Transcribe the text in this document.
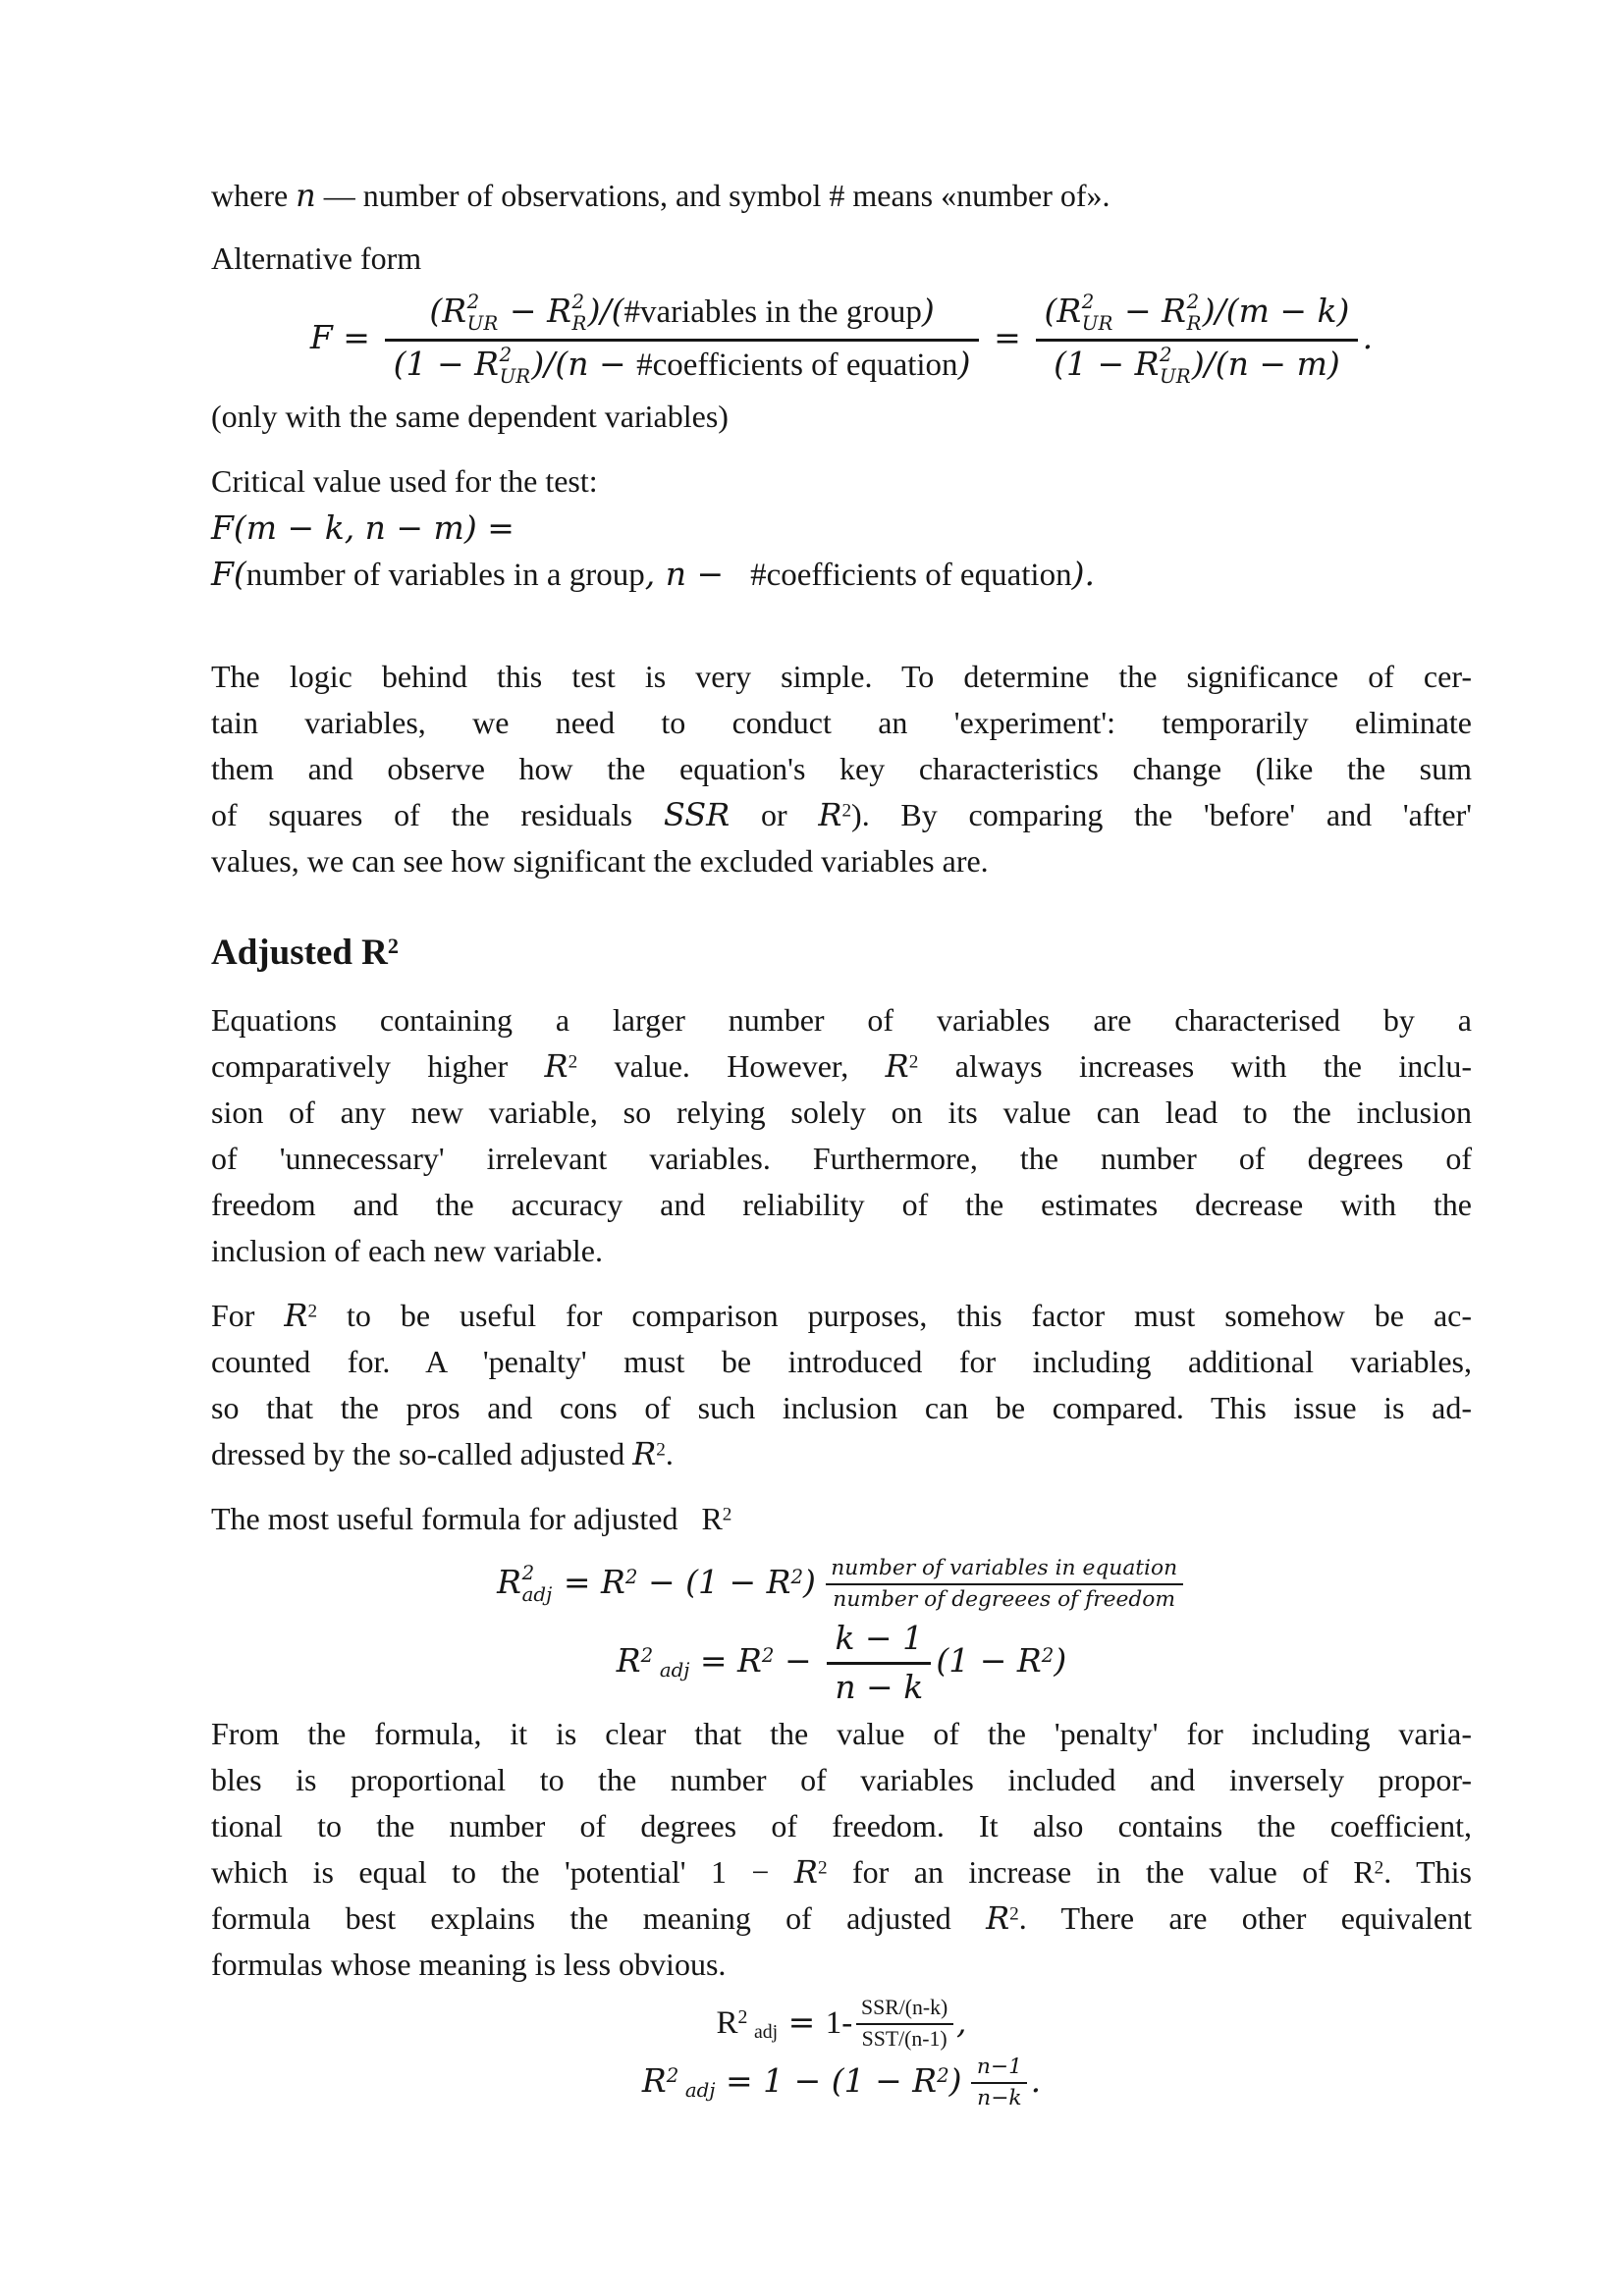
where n — number of observations, and symbol # means «number of».

Alternative form

F = (R 2
UR − R 2
R )/(#variables in the group)
(1 − R 2
UR )/(n − #coefficients of equation) = (R 2
UR − R 2
R )/(m − k)
(1 − R 2
UR )/(n − m) .

(only with the same dependent variables)

Critical value used for the test:

F(m − k, n − m) =
F(number of variables in a group, n −  #coefficients of equation).
The logic behind this test is very simple. To determine the significance of cer-
tain variables, we need to conduct an 'experiment': temporarily eliminate
them and observe how the equation's key characteristics change (like the sum
of squares of the residuals SSR or $R^2$). By comparing the 'before' and 'after'
values, we can see how significant the excluded variables are.
Adjusted $R^2$
Equations containing a larger number of variables are characterised by a
comparatively higher $R^2$ value. However, $R^2$ always increases with the inclu-
sion of any new variable, so relying solely on its value can lead to the inclusion
of 'unnecessary' irrelevant variables. Furthermore, the number of degrees of
freedom and the accuracy and reliability of the estimates decrease with the
inclusion of each new variable.
For $R^2$ to be useful for comparison purposes, this factor must somehow be ac-
counted for. A 'penalty' must be introduced for including additional variables,
so that the pros and cons of such inclusion can be compared. This issue is ad-
dressed by the so-called adjusted $R^2$.

The most useful formula for adjusted  $R^2$

R 2
adj = $R^2 - (1 - R^2) \frac{\text{number of variables in equation}}{\text{number of degreees of freedom}}$
$R^2$ $_{adj} = R^2 - \frac{k - 1}{n - k} (1 - R^2)$
From the formula, it is clear that the value of the 'penalty' for including varia-
bles is proportional to the number of variables included and inversely propor-
tional to the number of degrees of freedom. It also contains the coefficient,
which is equal to the 'potential' $1 - R^2$ for an increase in the value of $R^2$. This
formula best explains the meaning of adjusted $R^2$. There are other equivalent
formulas whose meaning is less obvious.
$R^2$ $_{adj} = 1- \frac{\text{SSR/(n-k)}}{\text{SST/(n-1)}}$ ,
$R^2$ $_{adj} = 1 - (1 - R^2) \frac{n-1}{n-k}$ .
